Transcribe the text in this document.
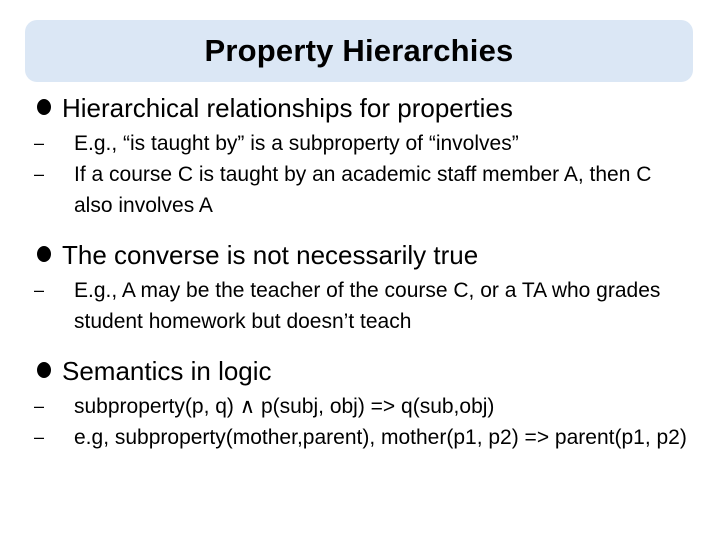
Property Hierarchies
Hierarchical relationships for properties
– E.g., “is taught by” is a subproperty of “involves”
– If a course C is taught by an academic staff member A, then C also involves A
The converse is not necessarily true
– E.g., A may be the teacher of the course C, or a TA who grades student homework but doesn’t teach
Semantics in logic
– subproperty(p, q) ∧ p(subj, obj) => q(sub,obj)
– e.g, subproperty(mother,parent), mother(p1, p2) => parent(p1, p2)
